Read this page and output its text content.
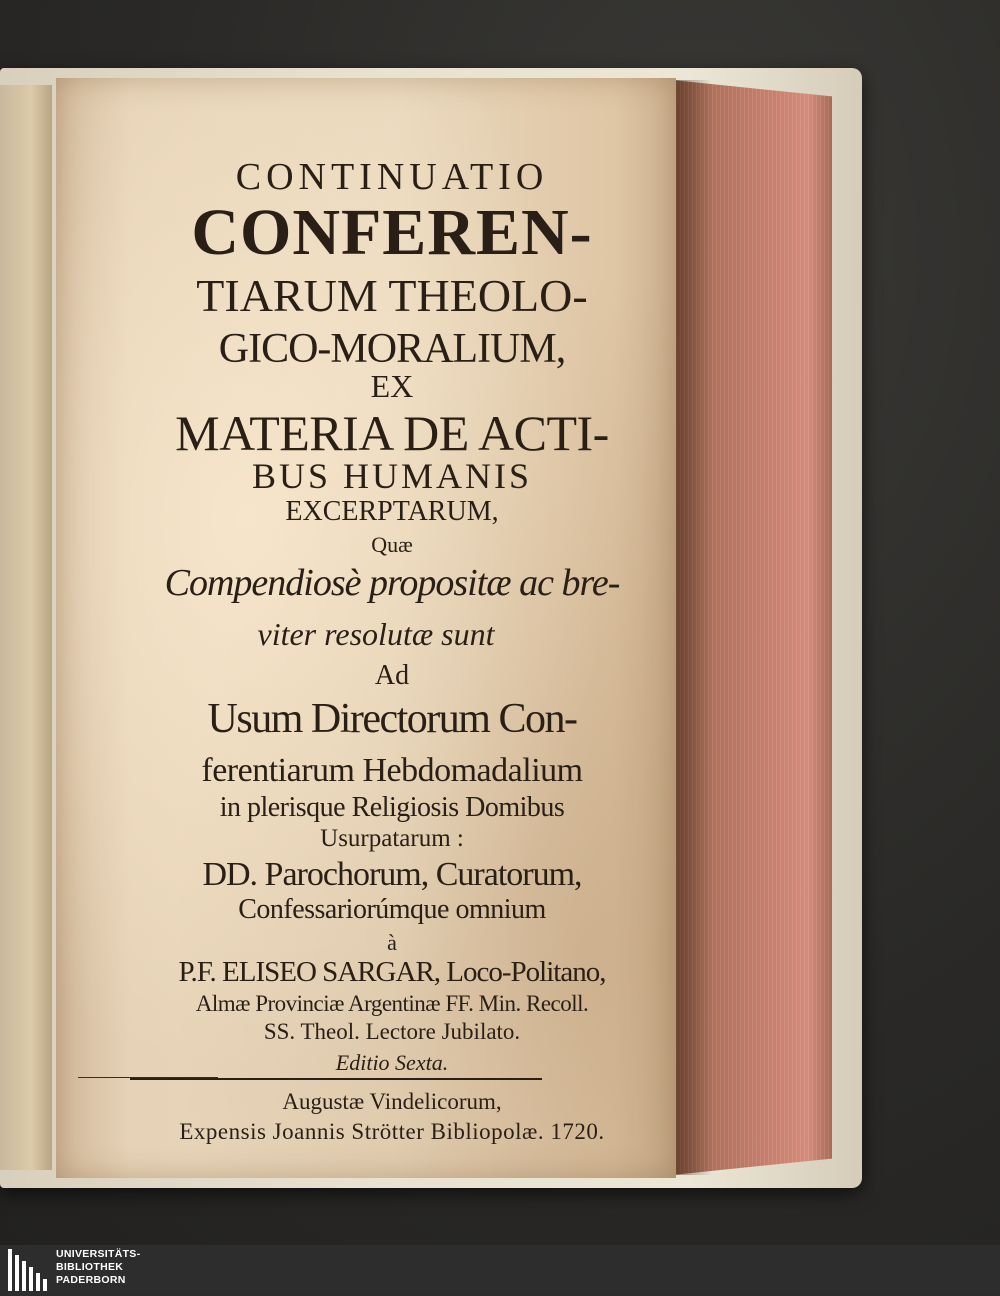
CONTINUATIO
CONFEREN-
TIARUM THEOLO-
GICO-MORALIUM,
EX
MATERIA DE ACTI-
BUS HUMANIS
EXCERPTARUM,
Quæ
Compendiosè propositæ ac bre-
viter resolutæ sunt
Ad
Usum Directorum Con-
ferentiarum Hebdomadalium
in plerisque Religiosis Domibus
Usurpatarum :
DD. Parochorum, Curatorum,
Confessariorúmque omnium
à
P.F. ELISEO SARGAR, Loco-Politano,
Almæ Provinciæ Argentinæ FF. Min. Recoll.
SS. Theol. Lectore Jubilato.
Editio Sexta.
Augustæ Vindelicorum,
Expensis Joannis Strötter Bibliopolæ. 1720.
UNIVERSITÄTS-
BIBLIOTHEK
PADERBORN
